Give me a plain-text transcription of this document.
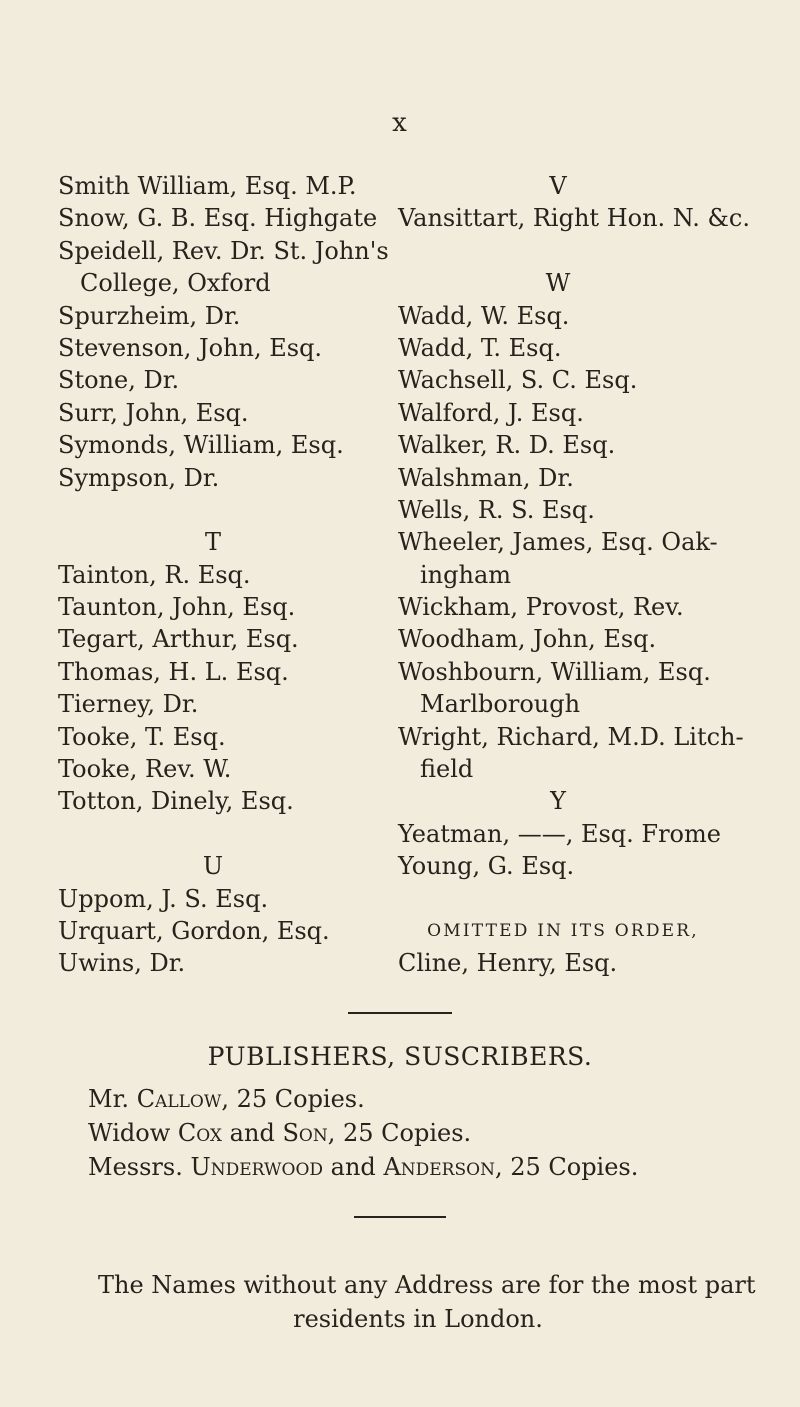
x
Smith William, Esq. M.P.
Snow, G. B. Esq. Highgate
Speidell, Rev. Dr. St. John's
College, Oxford
Spurzheim, Dr.
Stevenson, John, Esq.
Stone, Dr.
Surr, John, Esq.
Symonds, William, Esq.
Sympson, Dr.
T
Tainton, R. Esq.
Taunton, John, Esq.
Tegart, Arthur, Esq.
Thomas, H. L. Esq.
Tierney, Dr.
Tooke, T. Esq.
Tooke, Rev. W.
Totton, Dinely, Esq.
U
Uppom, J. S. Esq.
Urquart, Gordon, Esq.
Uwins, Dr.
V
Vansittart, Right Hon. N. &c.
W
Wadd, W. Esq.
Wadd, T. Esq.
Wachsell, S. C. Esq.
Walford, J. Esq.
Walker, R. D. Esq.
Walshman, Dr.
Wells, R. S. Esq.
Wheeler, James, Esq. Oak-
ingham
Wickham, Provost, Rev.
Woodham, John, Esq.
Woshbourn, William, Esq.
Marlborough
Wright, Richard, M.D. Litch-
field
Y
Yeatman, ——, Esq. Frome
Young, G. Esq.
OMITTED IN ITS ORDER,
Cline, Henry, Esq.
PUBLISHERS, SUSCRIBERS.
Mr. Callow, 25 Copies.
Widow Cox and Son, 25 Copies.
Messrs. Underwood and Anderson, 25 Copies.
The Names without any Address are for the most part
residents in London.
